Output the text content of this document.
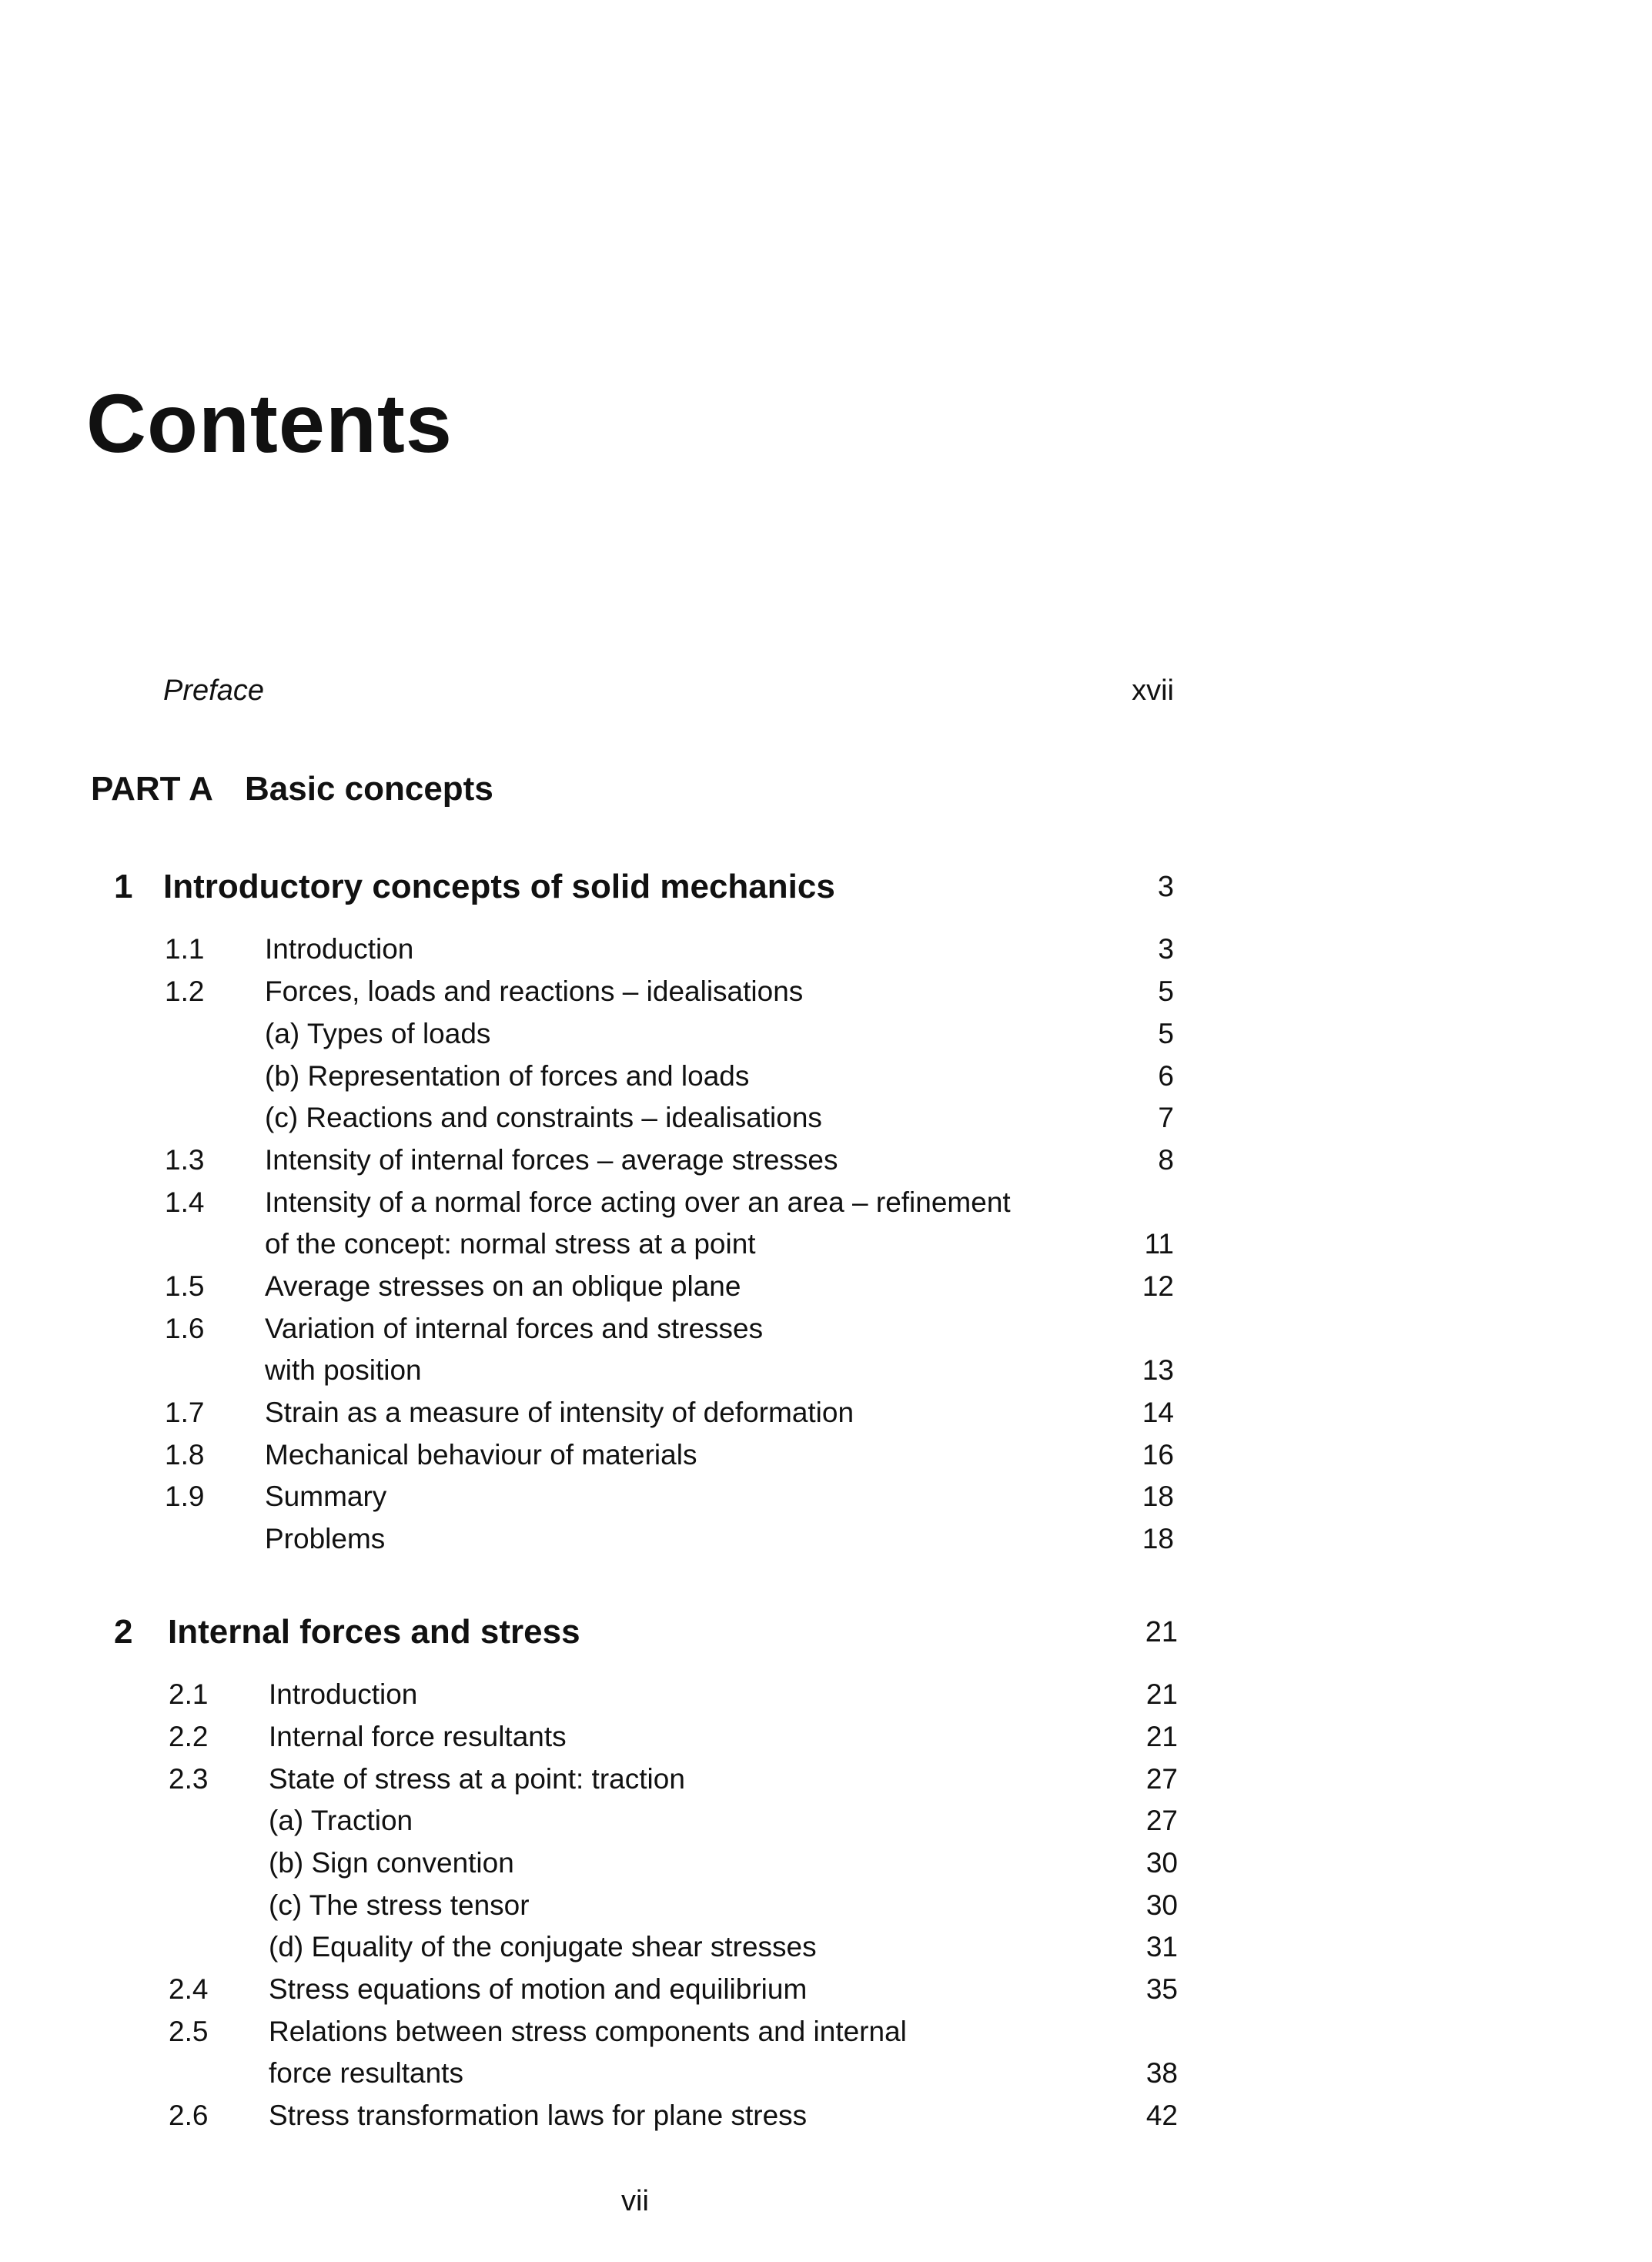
Contents
Preface	xvii
PART A Basic concepts
1 Introductory concepts of solid mechanics	3
1.1 Introduction	3
1.2 Forces, loads and reactions – idealisations	5
(a) Types of loads	5
(b) Representation of forces and loads	6
(c) Reactions and constraints – idealisations	7
1.3 Intensity of internal forces – average stresses	8
1.4 Intensity of a normal force acting over an area – refinement
of the concept: normal stress at a point	11
1.5 Average stresses on an oblique plane	12
1.6 Variation of internal forces and stresses
with position	13
1.7 Strain as a measure of intensity of deformation	14
1.8 Mechanical behaviour of materials	16
1.9 Summary	18
Problems	18
2 Internal forces and stress	21
2.1 Introduction	21
2.2 Internal force resultants	21
2.3 State of stress at a point: traction	27
(a) Traction	27
(b) Sign convention	30
(c) The stress tensor	30
(d) Equality of the conjugate shear stresses	31
2.4 Stress equations of motion and equilibrium	35
2.5 Relations between stress components and internal
force resultants	38
2.6 Stress transformation laws for plane stress	42
vii
